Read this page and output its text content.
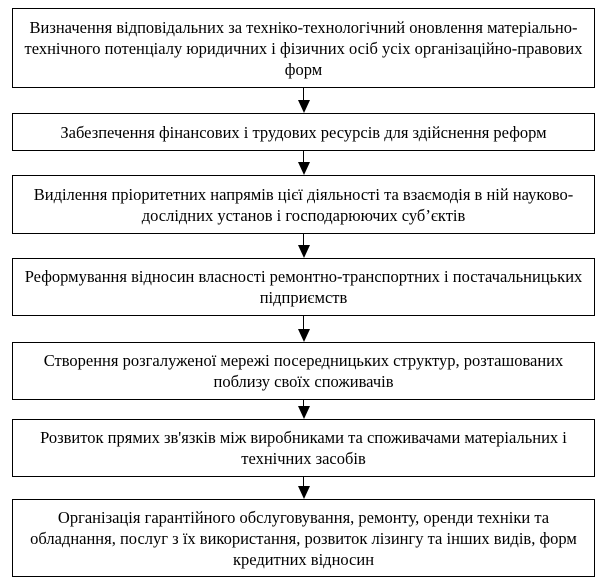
Визначення відповідальних за техніко-технологічний оновлення матеріально-технічного потенціалу юридичних і фізичних осіб усіх організаційно-правових форм
Забезпечення фінансових і трудових ресурсів для здійснення реформ
Виділення пріоритетних напрямів цієї діяльності та взаємодія в ній науково-дослідних установ і господарюючих суб’єктів
Реформування відносин власності ремонтно-транспортних і постачальницьких підприємств
Створення розгалуженої мережі посередницьких структур, розташованих поблизу своїх споживачів
Розвиток прямих зв'язків між виробниками та споживачами матеріальних і технічних засобів
Організація гарантійного обслуговування, ремонту, оренди техніки та обладнання, послуг з їх використання, розвиток лізингу та інших видів, форм кредитних відносин
